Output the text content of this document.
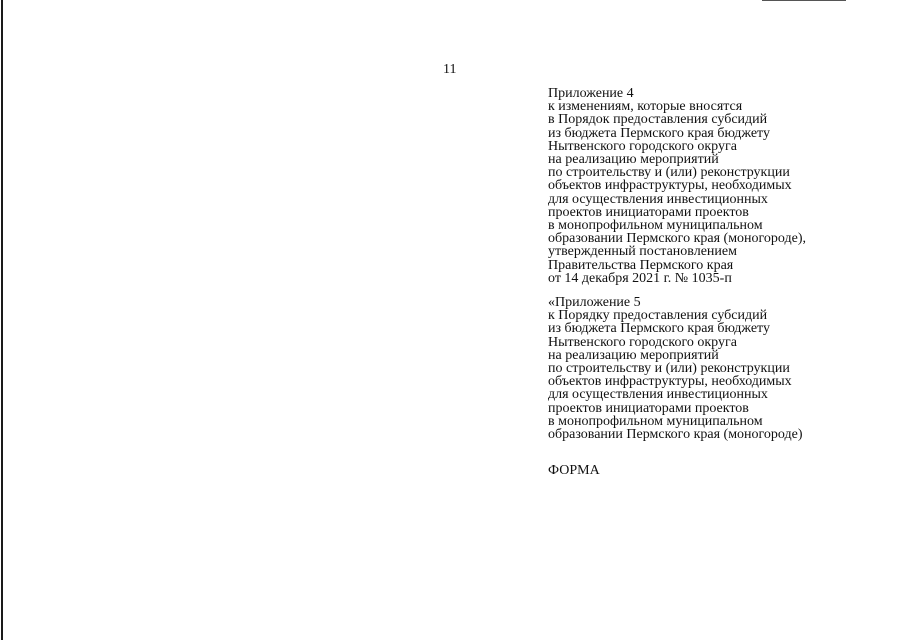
11
Приложение 4
к изменениям, которые вносятся
в Порядок предоставления субсидий
из бюджета Пермского края бюджету
Нытвенского городского округа
на реализацию мероприятий
по строительству и (или) реконструкции
объектов инфраструктуры, необходимых
для осуществления инвестиционных
проектов инициаторами проектов
в монопрофильном муниципальном
образовании Пермского края (моногороде),
утвержденный постановлением
Правительства Пермского края
от 14 декабря 2021 г. № 1035-п
«Приложение 5
к Порядку предоставления субсидий
из бюджета Пермского края бюджету
Нытвенского городского округа
на реализацию мероприятий
по строительству и (или) реконструкции
объектов инфраструктуры, необходимых
для осуществления инвестиционных
проектов инициаторами проектов
в монопрофильном муниципальном
образовании Пермского края (моногороде)
ФОРМА
